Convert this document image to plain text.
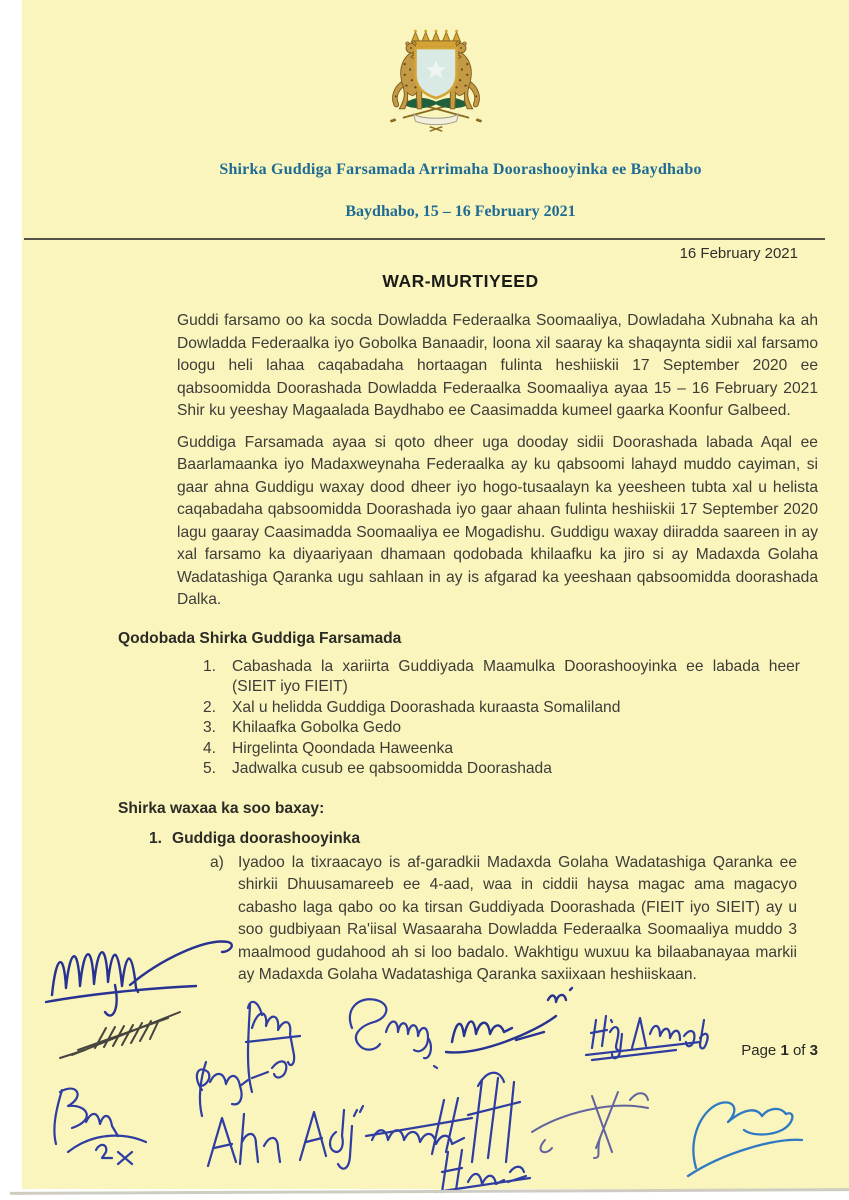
Shirka Guddiga Farsamada Arrimaha Doorashooyinka ee Baydhabo
Baydhabo, 15 – 16 February 2021
16 February 2021
WAR-MURTIYEED

Guddi farsamo oo ka socda Dowladda Federaalka Soomaaliya, Dowladaha Xubnaha ka ah Dowladda Federaalka iyo Gobolka Banaadir, loona xil saaray ka shaqaynta sidii xal farsamo loogu heli lahaa caqabadaha hortaagan fulinta heshiiskii 17 September 2020 ee qabsoomidda Doorashada Dowladda Federaalka Soomaaliya ayaa 15 – 16 February 2021 Shir ku yeeshay Magaalada Baydhabo ee Caasimadda kumeel gaarka Koonfur Galbeed.

Guddiga Farsamada ayaa si qoto dheer uga dooday sidii Doorashada labada Aqal ee Baarlamaanka iyo Madaxweynaha Federaalka ay ku qabsoomi lahayd muddo cayiman, si gaar ahna Guddigu waxay dood dheer iyo hogo-tusaalayn ka yeesheen tubta xal u helista caqabadaha qabsoomidda Doorashada iyo gaar ahaan fulinta heshiiskii 17 September 2020 lagu gaaray Caasimadda Soomaaliya ee Mogadishu. Guddigu waxay diiradda saareen in ay xal farsamo ka diyaariyaan dhamaan qodobada khilaafku ka jiro si ay Madaxda Golaha Wadatashiga Qaranka ugu sahlaan in ay is afgarad ka yeeshaan qabsoomidda doorashada Dalka.

Qodobada Shirka Guddiga Farsamada
1.	Cabashada la xariirta Guddiyada Maamulka Doorashooyinka ee labada heer (SIEIT iyo FIEIT)
2.	Xal u helidda Guddiga Doorashada kuraasta Somaliland
3.	Khilaafka Gobolka Gedo
4.	Hirgelinta Qoondada Haweenka
5.	Jadwalka cusub ee qabsoomidda Doorashada
Shirka waxaa ka soo baxay:
1. Guddiga doorashooyinka
a) Iyadoo la tixraacayo is af-garadkii Madaxda Golaha Wadatashiga Qaranka ee shirkii Dhuusamareeb ee 4-aad, waa in ciddii haysa magac ama magacyo cabasho laga qabo oo ka tirsan Guddiyada Doorashada (FIEIT iyo SIEIT) ay u soo gudbiyaan Ra'iisal Wasaaraha Dowladda Federaalka Soomaaliya muddo 3 maalmood gudahood ah si loo badalo. Wakhtigu wuxuu ka bilaabanayaa markii ay Madaxda Golaha Wadatashiga Qaranka saxiixaan heshiiskaan.
Page 1 of 3
